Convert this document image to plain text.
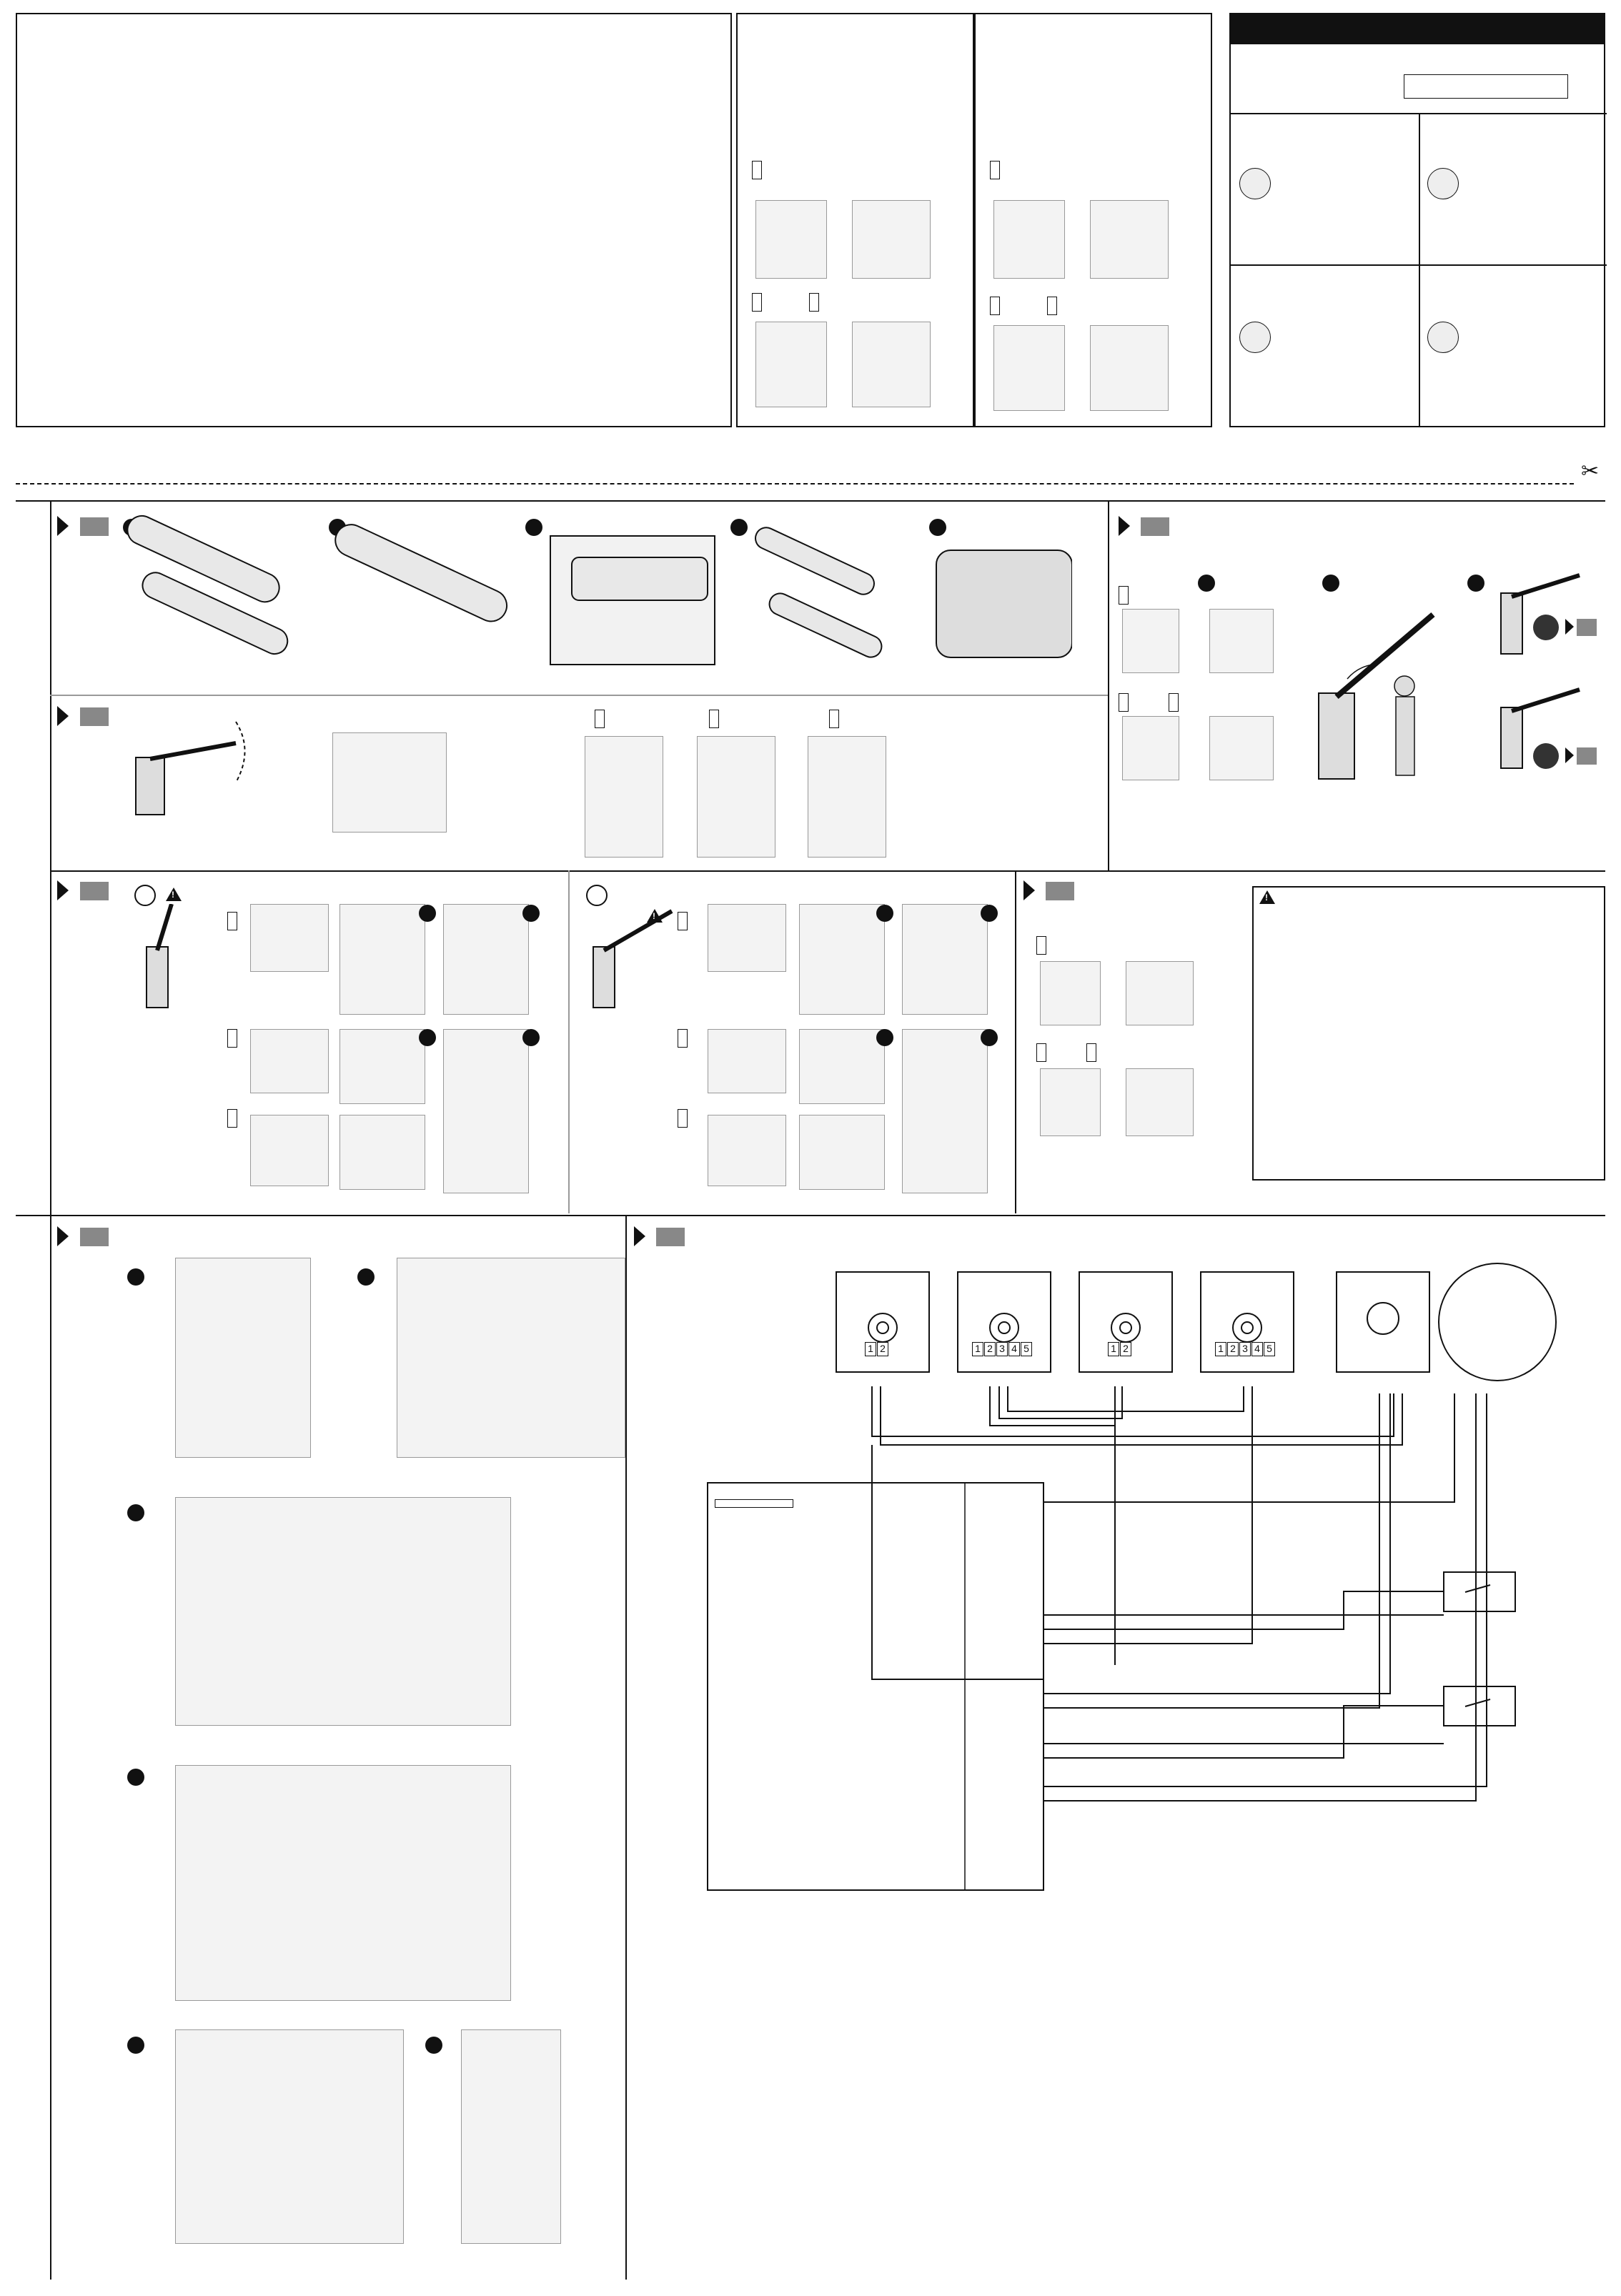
✂
!
!
!
1 2	1 2 3 4 5	1 2	1 2 3 4 5
